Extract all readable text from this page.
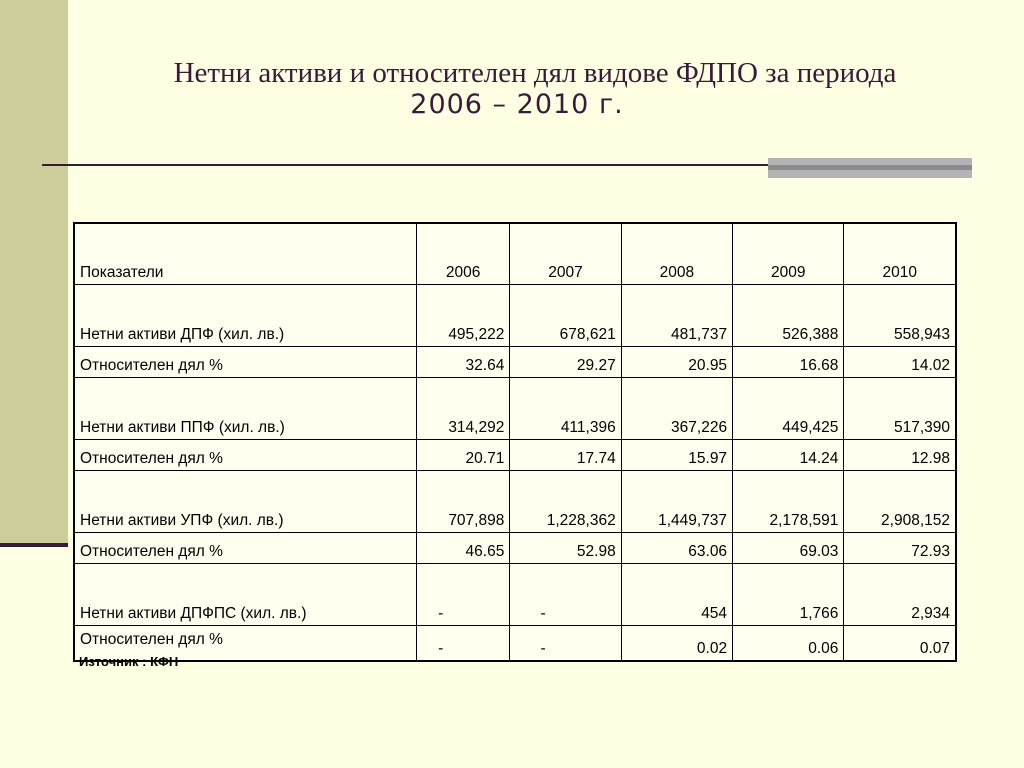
Нетни активи и относителен дял видове ФДПО за периода
2006 – 2010 г.
Показатели	2006	2007	2008	2009	2010
Нетни активи ДПФ (хил. лв.)	495,222	678,621	481,737	526,388	558,943
Относителен дял %	32.64	29.27	20.95	16.68	14.02
Нетни активи ППФ (хил. лв.)	314,292	411,396	367,226	449,425	517,390
Относителен дял %	20.71	17.74	15.97	14.24	12.98
Нетни активи УПФ (хил. лв.)	707,898	1,228,362	1,449,737	2,178,591	2,908,152
Относителен дял %	46.65	52.98	63.06	69.03	72.93
Нетни активи ДПФПС (хил. лв.)	-	-	454	1,766	2,934
Относителен дял %	-	-	0.02	0.06	0.07
Източник : КФН
